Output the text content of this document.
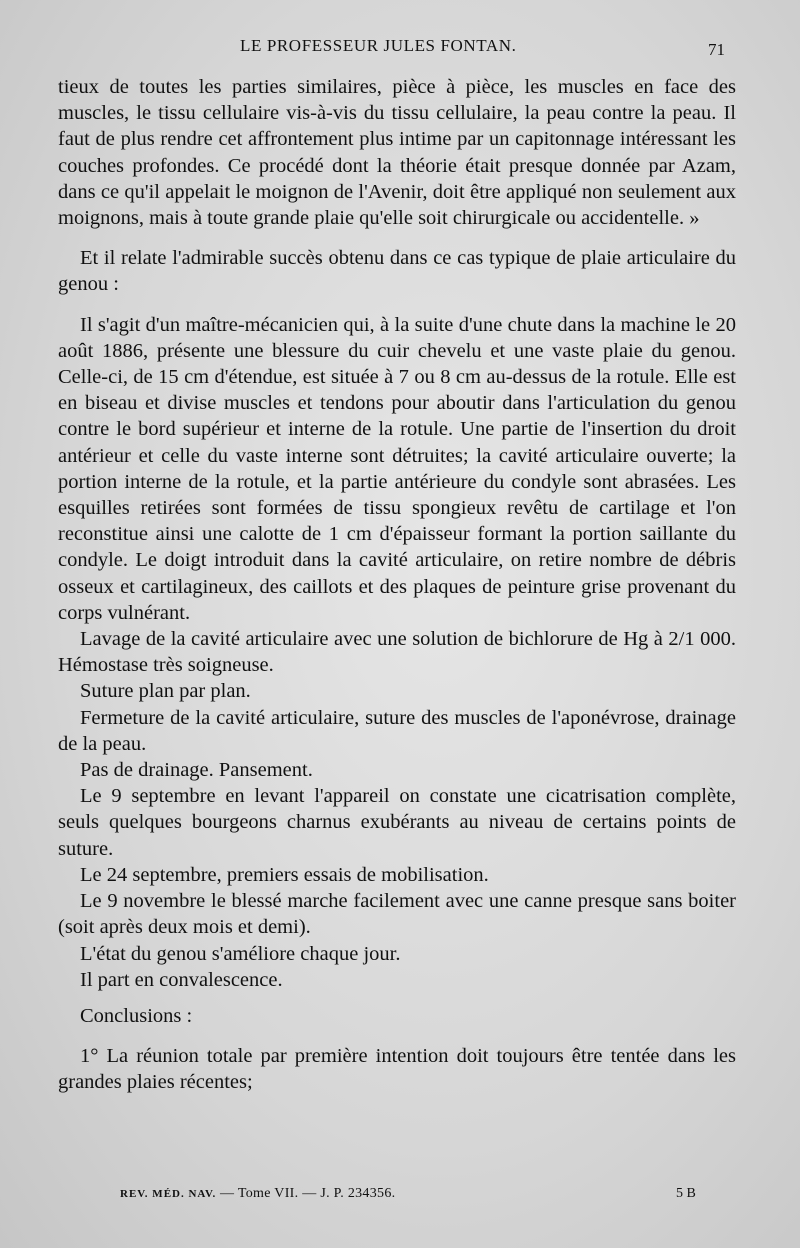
LE PROFESSEUR JULES FONTAN.	71

tieux de toutes les parties similaires, pièce à pièce, les muscles en face des muscles, le tissu cellulaire vis-à-vis du tissu cellulaire, la peau contre la peau. Il faut de plus rendre cet affrontement plus intime par un capitonnage intéressant les couches profondes. Ce procédé dont la théorie était presque donnée par Azam, dans ce qu'il appelait le moignon de l'Avenir, doit être appliqué non seulement aux moignons, mais à toute grande plaie qu'elle soit chirurgicale ou accidentelle. »

Et il relate l'admirable succès obtenu dans ce cas typique de plaie articulaire du genou :

Il s'agit d'un maître-mécanicien qui, à la suite d'une chute dans la machine le 20 août 1886, présente une blessure du cuir chevelu et une vaste plaie du genou. Celle-ci, de 15 cm d'étendue, est située à 7 ou 8 cm au-dessus de la rotule. Elle est en biseau et divise muscles et tendons pour aboutir dans l'articulation du genou contre le bord supérieur et interne de la rotule. Une partie de l'insertion du droit antérieur et celle du vaste interne sont détruites; la cavité articulaire ouverte; la portion interne de la rotule, et la partie antérieure du condyle sont abrasées. Les esquilles retirées sont formées de tissu spongieux revêtu de cartilage et l'on reconstitue ainsi une calotte de 1 cm d'épaisseur formant la portion saillante du condyle. Le doigt introduit dans la cavité articulaire, on retire nombre de débris osseux et cartilagineux, des caillots et des plaques de peinture grise provenant du corps vulnérant.

Lavage de la cavité articulaire avec une solution de bichlorure de Hg à 2/1 000. Hémostase très soigneuse.

Suture plan par plan.

Fermeture de la cavité articulaire, suture des muscles de l'aponévrose, drainage de la peau.

Pas de drainage. Pansement.

Le 9 septembre en levant l'appareil on constate une cicatrisation complète, seuls quelques bourgeons charnus exubérants au niveau de certains points de suture.

Le 24 septembre, premiers essais de mobilisation.

Le 9 novembre le blessé marche facilement avec une canne presque sans boiter (soit après deux mois et demi).

L'état du genou s'améliore chaque jour.

Il part en convalescence.

Conclusions :

1° La réunion totale par première intention doit toujours être tentée dans les grandes plaies récentes;

REV. MÉD. NAV. — Tome VII. — J. P. 234356.	5 B
